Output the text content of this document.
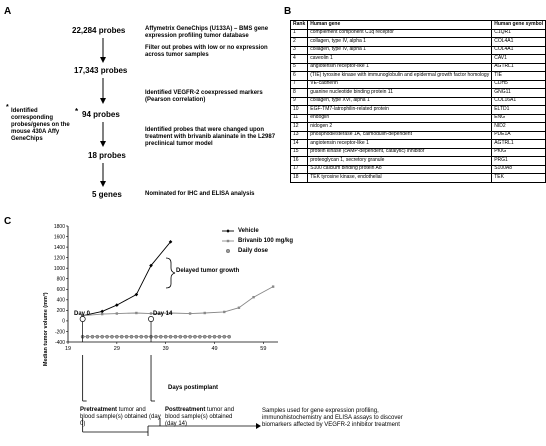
A
22,284 probes
17,343 probes
* 94 probes
18 probes
5 genes
Affymetrix GeneChips (U133A) – BMS gene expression profiling tumor database
Filter out probes with low or no expression across tumor samples
Identified VEGFR-2 coexpressed markers (Pearson correlation)
Identified probes that were changed upon treatment with brivanib alaninate in the L2987 preclinical tumor model
Nominated for IHC and ELISA analysis
* Identified corresponding probes/genes on the mouse 430A Affy GeneChips
B
Rank	Human gene	Human gene symbol
1	complement component C1q receptor	C1QR1
2	collagen, type IV, alpha 1	COL4A1
3	collagen, type IV, alpha 1	COL4A1
4	caveolin 1	CAV1
5	angiotensin receptor-like 1	AGTRL1
6	(TIE) tyrosine kinase with immunoglobulin and epidermal growth factor homology	TIE
7	VE-cadherin	CDH5
8	guanine nucleotide binding protein 11	GNG11
9	collagen, type XVI, alpha 1	COL16A1
10	EGF-TM7-latrophilin-related protein	ELTD1
11	endoglin	ENG
12	nidogen 2	NID2
13	phosphodiesterase 1A, calmodulin-dependent	PDE1A
14	angiotensin receptor-like 1	AGTRL1
15	protein kinase (cAMP-dependent, catalytic) inhibitor	PKIG
16	proteoglycan 1, secretory granule	PRG1
17	S100 calcium binding protein A8	S100A8
18	TEK tyrosine kinase, endothelial	TEK
C
-400
-200
0
200
400
600
800
1000
1200
1400
1600
1800
19	29	39	49	59
Vehicle
Brivanib 100 mg/kg
Daily dose
Delayed tumor growth
Day 0	Day 14
Median tumor volume (mm³)
Days postimplant
Pretreatment tumor and blood sample(s) obtained (day 0)
Posttreatment tumor and blood sample(s) obtained (day 14)
Samples used for gene expression profiling, immunohistochemistry and ELISA assays to discover biomarkers affected by VEGFR-2 inhibitor treatment
